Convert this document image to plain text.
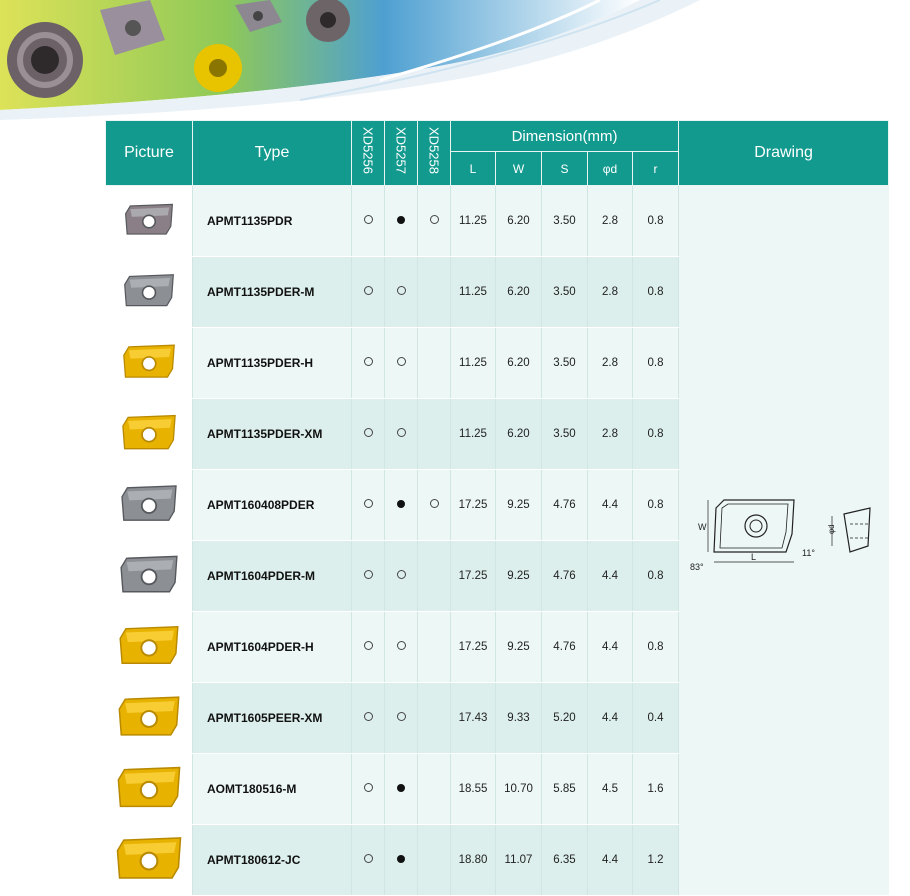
Picture	Type	XD5256	XD5257	XD5258	Dimension(mm)					Drawing
					L	W	S	φd	r	
	APMT1135PDR				11.25	6.20	3.50	2.8	0.8	W
L
83°
φd
11°

	APMT1135PDER-M				11.25	6.20	3.50	2.8	0.8	
	APMT1135PDER-H				11.25	6.20	3.50	2.8	0.8	
	APMT1135PDER-XM				11.25	6.20	3.50	2.8	0.8	
	APMT160408PDER				17.25	9.25	4.76	4.4	0.8	
	APMT1604PDER-M				17.25	9.25	4.76	4.4	0.8	
	APMT1604PDER-H				17.25	9.25	4.76	4.4	0.8	
	APMT1605PEER-XM				17.43	9.33	5.20	4.4	0.4	
	AOMT180516-M				18.55	10.70	5.85	4.5	1.6	
	APMT180612-JC				18.80	11.07	6.35	4.4	1.2	
